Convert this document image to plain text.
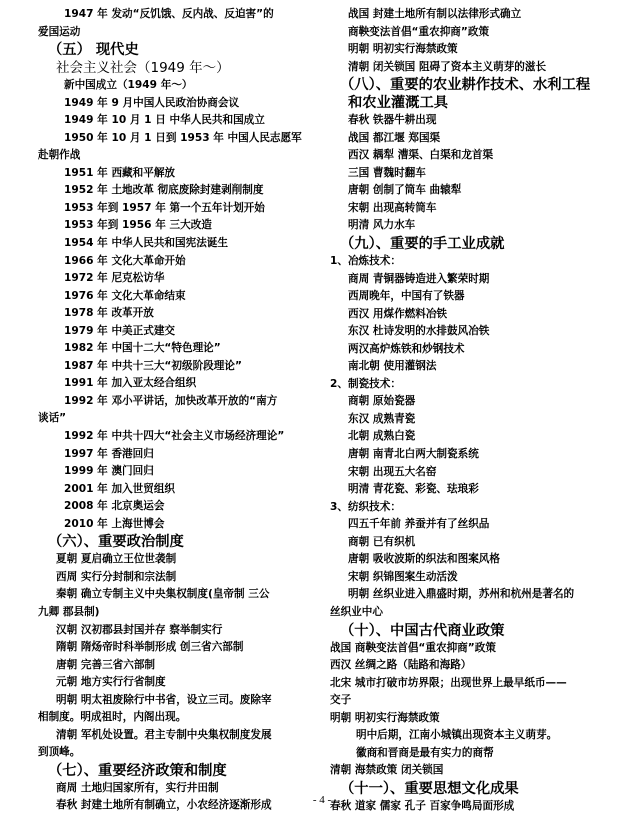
1947 年 发动“反饥饿、反内战、反迫害”的
爱国运动
（五） 现代史
社会主义社会（1949 年～）
新中国成立（1949 年～）
1949 年 9 月中国人民政治协商会议
1949 年 10 月 1 日 中华人民共和国成立
1950 年 10 月 1 日到 1953 年 中国人民志愿军
赴朝作战
1951 年 西藏和平解放
1952 年 土地改革 彻底废除封建剥削制度
1953 年到 1957 年 第一个五年计划开始
1953 年到 1956 年 三大改造
1954 年 中华人民共和国宪法诞生
1966 年 文化大革命开始
1972 年 尼克松访华
1976 年 文化大革命结束
1978 年 改革开放
1979 年 中美正式建交
1982 年 中国十二大“特色理论”
1987 年 中共十三大“初级阶段理论”
1991 年 加入亚太经合组织
1992 年 邓小平讲话，加快改革开放的“南方
谈话”
1992 年 中共十四大“社会主义市场经济理论”
1997 年 香港回归
1999 年 澳门回归
2001 年 加入世贸组织
2008 年 北京奥运会
2010 年 上海世博会
（六）、重要政治制度
夏朝 夏启确立王位世袭制
西周 实行分封制和宗法制
秦朝 确立专制主义中央集权制度(皇帝制 三公
九卿 郡县制)
汉朝 汉初郡县封国并存 察举制实行
隋朝 隋炀帝时科举制形成 创三省六部制
唐朝 完善三省六部制
元朝 地方实行行省制度
明朝 明太祖废除行中书省，设立三司。废除宰
相制度。明成祖时，内阁出现。
清朝 军机处设置。君主专制中央集权制度发展
到顶峰。
（七）、重要经济政策和制度
商周 土地归国家所有，实行井田制
春秋 封建土地所有制确立，小农经济逐渐形成
战国 封建土地所有制以法律形式确立
商鞅变法首倡“重农抑商”政策
明朝 明初实行海禁政策
清朝 闭关锁国 阻碍了资本主义萌芽的滋长
（八）、重要的农业耕作技术、水利工程
和农业灌溉工具
春秋 铁器牛耕出现
战国 都江堰 郑国渠
西汉 耦犁 漕渠、白渠和龙首渠
三国 曹魏时翻车
唐朝 创制了筒车 曲辕犁
宋朝 出现高转筒车
明清 风力水车
（九）、重要的手工业成就
1、冶炼技术：
商周 青铜器铸造进入繁荣时期
西周晚年，中国有了铁器
西汉 用煤作燃料冶铁
东汉 杜诗发明的水排鼓风冶铁
两汉高炉炼铁和炒钢技术
南北朝 使用灌钢法
2、制瓷技术：
商朝 原始瓷器
东汉 成熟青瓷
北朝 成熟白瓷
唐朝 南青北白两大制瓷系统
宋朝 出现五大名窑
明清 青花瓷、彩瓷、珐琅彩
3、纺织技术：
四五千年前 养蚕并有了丝织品
商朝 已有织机
唐朝 吸收波斯的织法和图案风格
宋朝 织锦图案生动活泼
明朝 丝织业进入鼎盛时期，苏州和杭州是著名的
丝织业中心
（十）、中国古代商业政策
战国 商鞅变法首倡“重农抑商”政策
西汉 丝绸之路（陆路和海路）
北宋 城市打破市坊界限；出现世界上最早纸币——
交子
明朝 明初实行海禁政策
明中后期，江南小城镇出现资本主义萌芽。
徽商和晋商是最有实力的商帮
清朝 海禁政策 闭关锁国
（十一）、重要思想文化成果
春秋 道家 儒家 孔子 百家争鸣局面形成
- 4 -
